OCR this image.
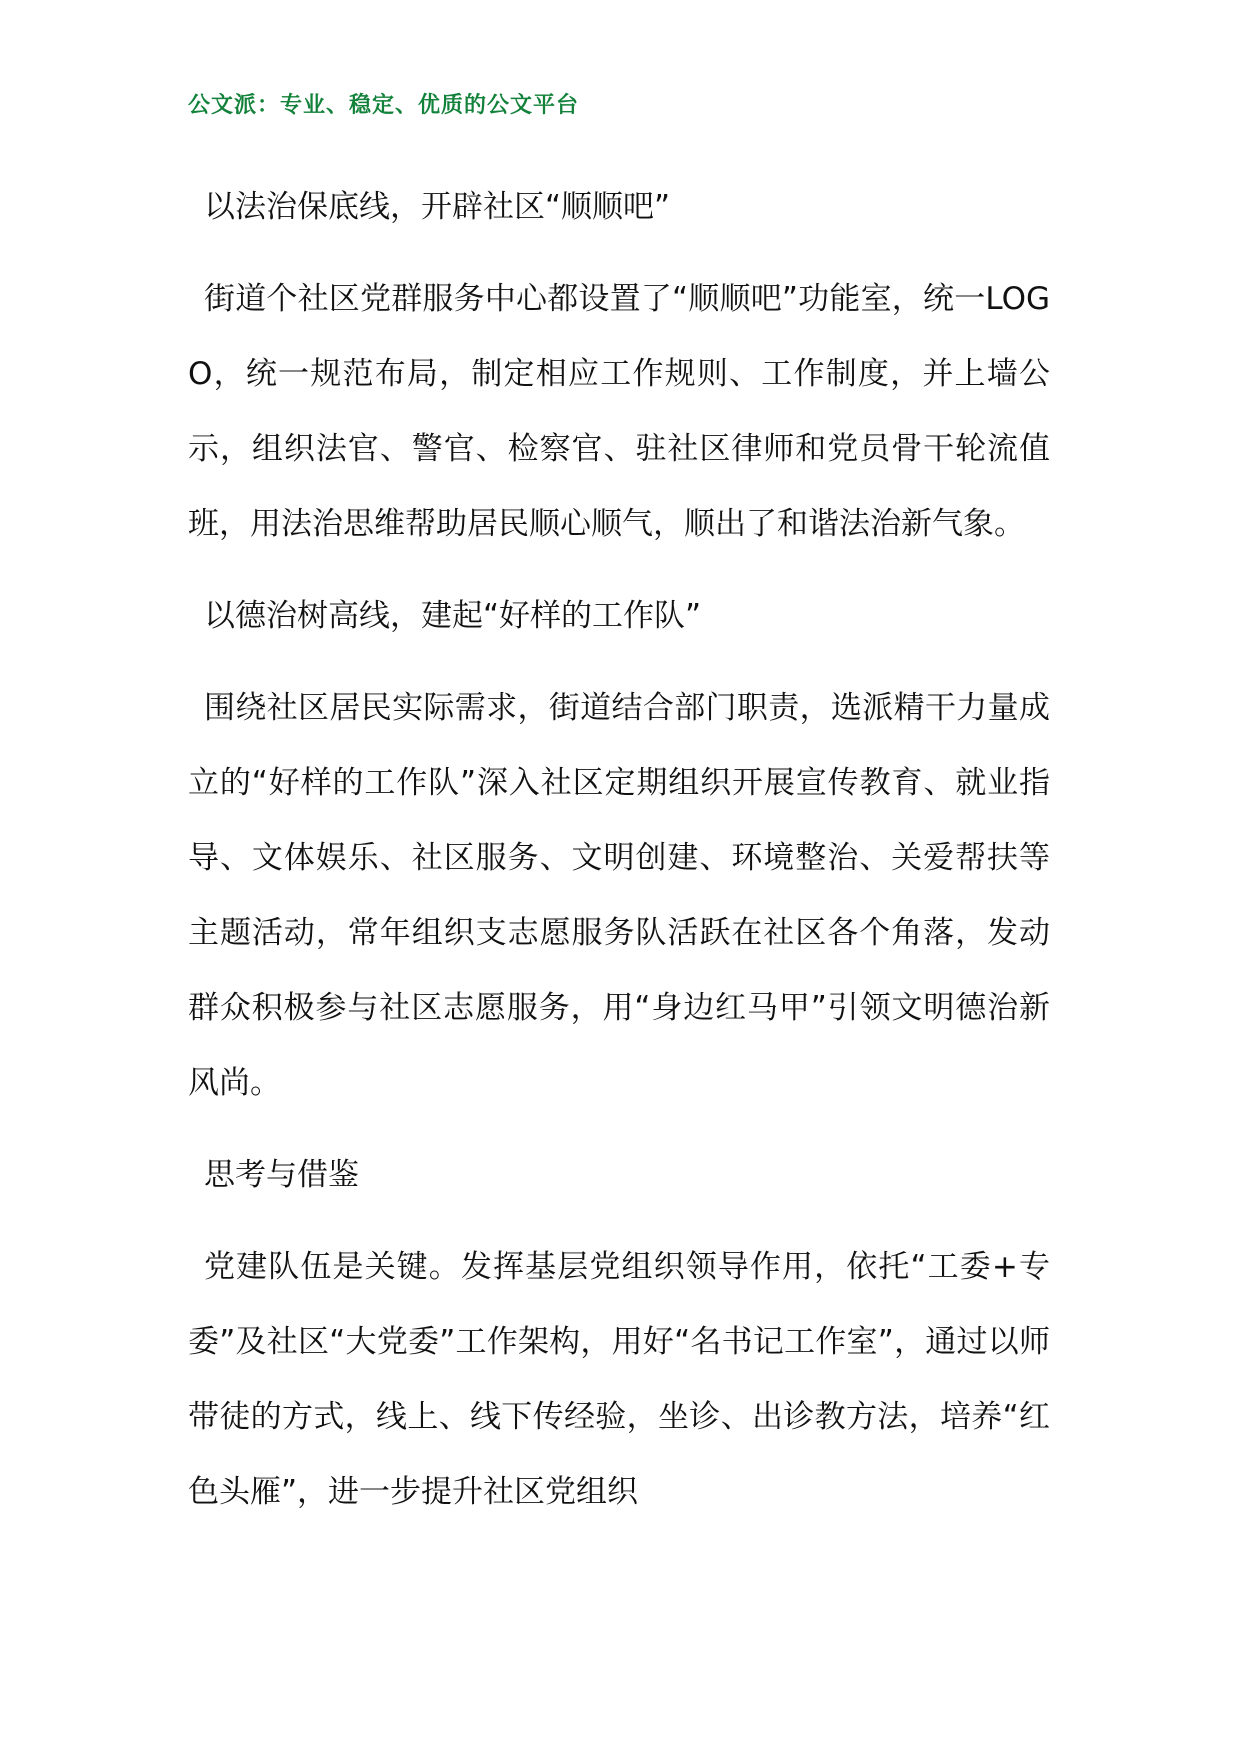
公文派：专业、稳定、优质的公文平台

以法治保底线，开辟社区“顺顺吧”

街道个社区党群服务中心都设置了“顺顺吧”功能室，统一LOGO，统一规范布局，制定相应工作规则、工作制度，并上墙公示，组织法官、警官、检察官、驻社区律师和党员骨干轮流值班，用法治思维帮助居民顺心顺气，顺出了和谐法治新气象。

以德治树高线，建起“好样的工作队”

围绕社区居民实际需求，街道结合部门职责，选派精干力量成立的“好样的工作队”深入社区定期组织开展宣传教育、就业指导、文体娱乐、社区服务、文明创建、环境整治、关爱帮扶等主题活动，常年组织支志愿服务队活跃在社区各个角落，发动群众积极参与社区志愿服务，用“身边红马甲”引领文明德治新风尚。

思考与借鉴

党建队伍是关键。发挥基层党组织领导作用，依托“工委+专委”及社区“大党委”工作架构，用好“名书记工作室”，通过以师带徒的方式，线上、线下传经验，坐诊、出诊教方法，培养“红色头雁”，进一步提升社区党组织
